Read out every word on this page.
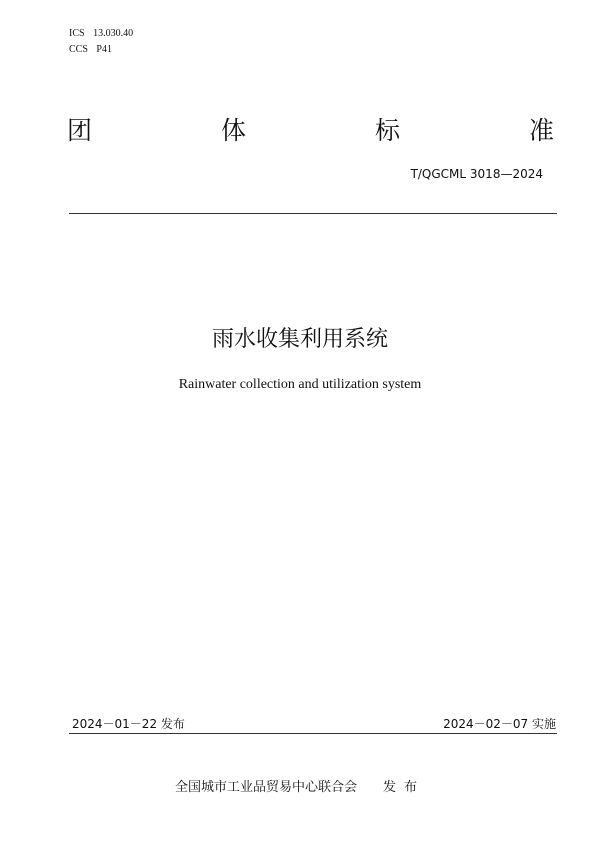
ICS 13.030.40
CCS P41
团	体	标	准
T/QGCML 3018—2024
雨水收集利用系统
Rainwater collection and utilization system
2024－01－22 发布	2024－02－07 实施
全国城市工业品贸易中心联合会 发布
